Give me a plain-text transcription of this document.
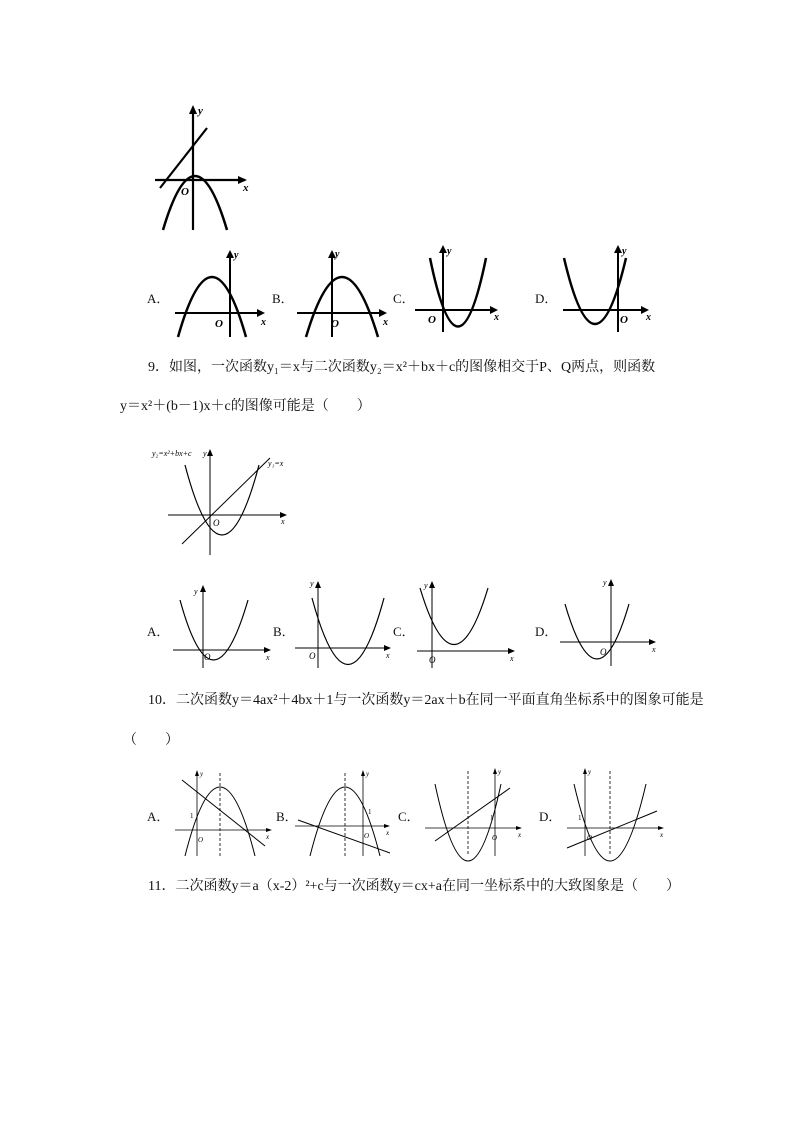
y
x
O
A．
y
x
O
B．
y
x
O
C．
y
x
O
D．
y
x
O
9．如图，一次函数y₁＝x与二次函数y₂＝x²＋bx＋c的图像相交于P、Q两点，则函数
y＝x²＋(b－1)x＋c的图像可能是（　　）
y₂=x²+bx+c y
y₁=x
x
O
A．
y
x
O
B．
y
x
O
C．
y
x
O
D．
y
x
O
10．二次函数y＝4ax²＋4bx＋1与一次函数y＝2ax＋b在同一平面直角坐标系中的图象可能是
（　　）
A．
y
x
1
O
B．
y
x
1
O
C．
y
x
1
O
D．
y
x
1
O
11．二次函数y＝a（x-2）²+c与一次函数y＝cx+a在同一坐标系中的大致图象是（　　）
